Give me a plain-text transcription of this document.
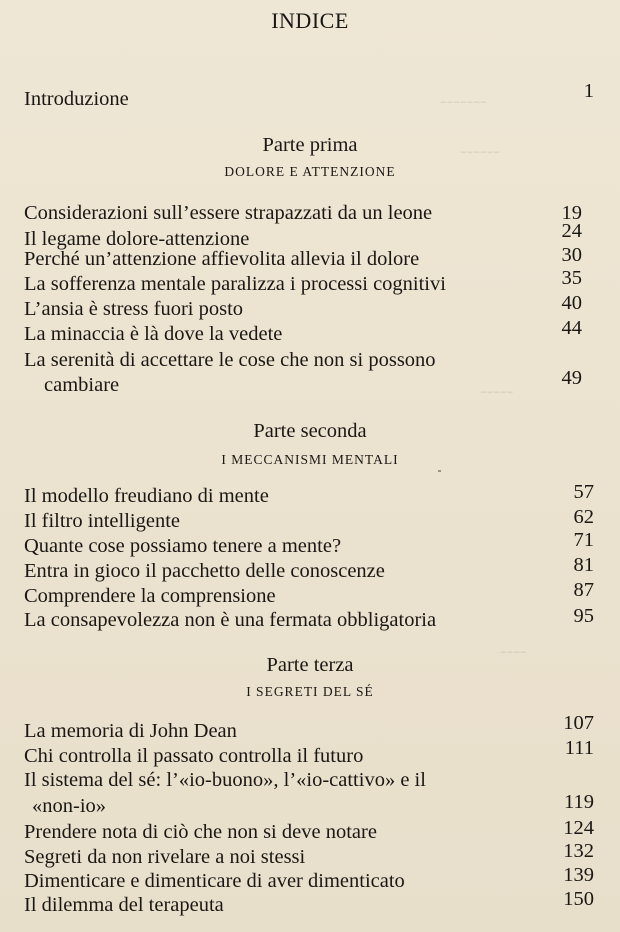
‑‑‑‑‑‑‑
‑‑‑‑‑‑
‑‑‑‑‑
‑‑‑‑
INDICE
Introduzione	1
Parte prima
DOLORE E ATTENZIONE
Considerazioni sull’essere strapazzati da un leone	19
Il legame dolore-attenzione	24
Perché un’attenzione affievolita allevia il dolore	30
La sofferenza mentale paralizza i processi cognitivi	35
L’ansia è stress fuori posto	40
La minaccia è là dove la vedete	44
La serenità di accettare le cose che non si possono
cambiare	49
Parte seconda
I MECCANISMI MENTALI
Il modello freudiano di mente	57
Il filtro intelligente	62
Quante cose possiamo tenere a mente?	71
Entra in gioco il pacchetto delle conoscenze	81
Comprendere la comprensione	87
La consapevolezza non è una fermata obbligatoria	95
Parte terza
I SEGRETI DEL SÉ
La memoria di John Dean	107
Chi controlla il passato controlla il futuro	111
Il sistema del sé: l’«io-buono», l’«io-cattivo» e il
«non-io»	119
Prendere nota di ciò che non si deve notare	124
Segreti da non rivelare a noi stessi	132
Dimenticare e dimenticare di aver dimenticato	139
Il dilemma del terapeuta	150
